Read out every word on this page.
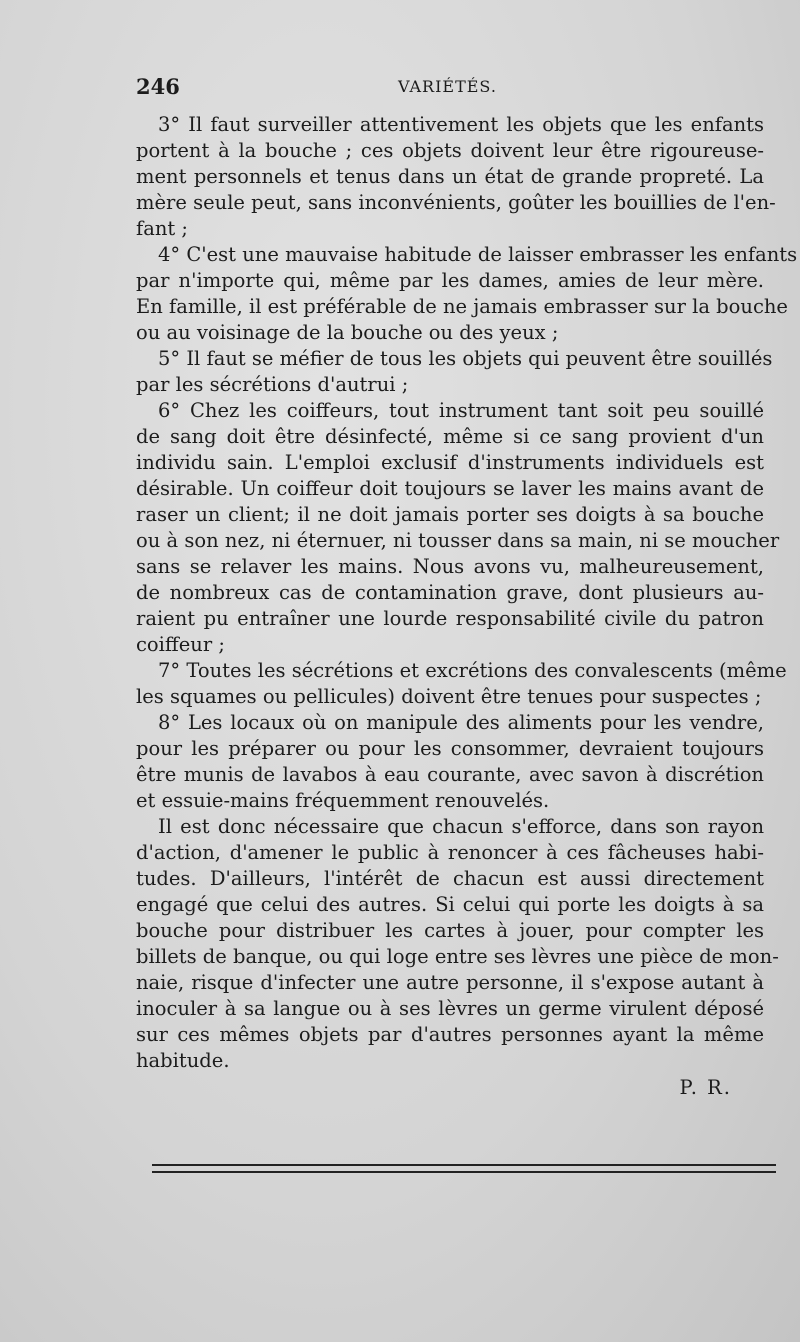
246	VARIÉTÉS.
3° Il faut surveiller attentivement les objets que les enfants
portent à la bouche ; ces objets doivent leur être rigoureuse-
ment personnels et tenus dans un état de grande propreté. La
mère seule peut, sans inconvénients, goûter les bouillies de l'en-
fant ;
4° C'est une mauvaise habitude de laisser embrasser les enfants
par n'importe qui, même par les dames, amies de leur mère.
En famille, il est préférable de ne jamais embrasser sur la bouche
ou au voisinage de la bouche ou des yeux ;
5° Il faut se méfier de tous les objets qui peuvent être souillés
par les sécrétions d'autrui ;
6° Chez les coiffeurs, tout instrument tant soit peu souillé
de sang doit être désinfecté, même si ce sang provient d'un
individu sain. L'emploi exclusif d'instruments individuels est
désirable. Un coiffeur doit toujours se laver les mains avant de
raser un client; il ne doit jamais porter ses doigts à sa bouche
ou à son nez, ni éternuer, ni tousser dans sa main, ni se moucher
sans se relaver les mains. Nous avons vu, malheureusement,
de nombreux cas de contamination grave, dont plusieurs au-
raient pu entraîner une lourde responsabilité civile du patron
coiffeur ;
7° Toutes les sécrétions et excrétions des convalescents (même
les squames ou pellicules) doivent être tenues pour suspectes ;
8° Les locaux où on manipule des aliments pour les vendre,
pour les préparer ou pour les consommer, devraient toujours
être munis de lavabos à eau courante, avec savon à discrétion
et essuie-mains fréquemment renouvelés.
Il est donc nécessaire que chacun s'efforce, dans son rayon
d'action, d'amener le public à renoncer à ces fâcheuses habi-
tudes. D'ailleurs, l'intérêt de chacun est aussi directement
engagé que celui des autres. Si celui qui porte les doigts à sa
bouche pour distribuer les cartes à jouer, pour compter les
billets de banque, ou qui loge entre ses lèvres une pièce de mon-
naie, risque d'infecter une autre personne, il s'expose autant à
inoculer à sa langue ou à ses lèvres un germe virulent déposé
sur ces mêmes objets par d'autres personnes ayant la même
habitude.
P. R.
